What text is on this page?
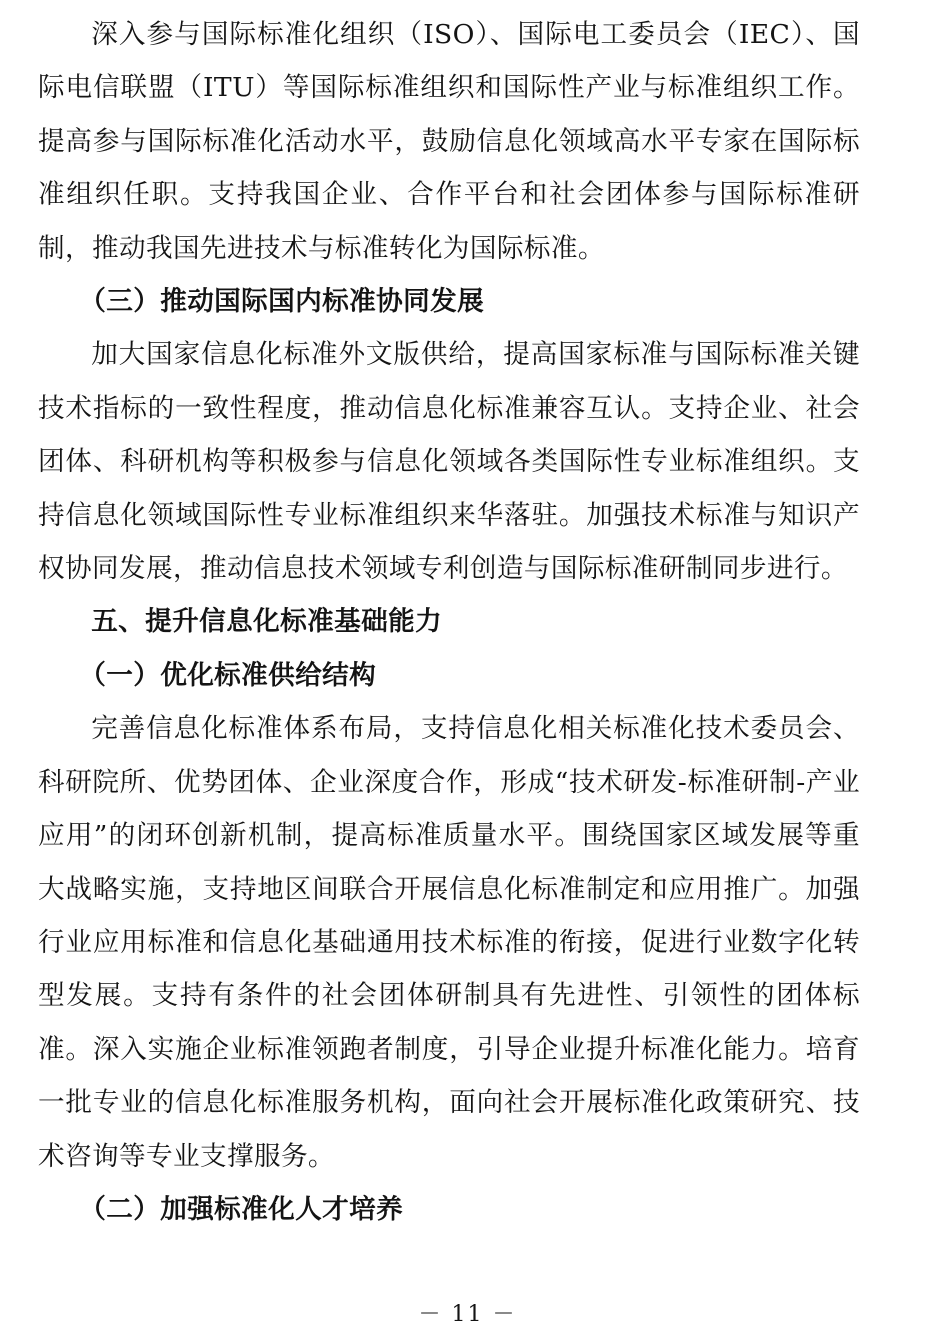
深入参与国际标准化组织（ISO）、国际电工委员会（IEC）、国际电信联盟（ITU）等国际标准组织和国际性产业与标准组织工作。提高参与国际标准化活动水平，鼓励信息化领域高水平专家在国际标准组织任职。支持我国企业、合作平台和社会团体参与国际标准研制，推动我国先进技术与标准转化为国际标准。

（三）推动国际国内标准协同发展

加大国家信息化标准外文版供给，提高国家标准与国际标准关键技术指标的一致性程度，推动信息化标准兼容互认。支持企业、社会团体、科研机构等积极参与信息化领域各类国际性专业标准组织。支持信息化领域国际性专业标准组织来华落驻。加强技术标准与知识产权协同发展，推动信息技术领域专利创造与国际标准研制同步进行。

五、提升信息化标准基础能力

（一）优化标准供给结构

完善信息化标准体系布局，支持信息化相关标准化技术委员会、科研院所、优势团体、企业深度合作，形成“技术研发-标准研制-产业应用”的闭环创新机制，提高标准质量水平。围绕国家区域发展等重大战略实施，支持地区间联合开展信息化标准制定和应用推广。加强行业应用标准和信息化基础通用技术标准的衔接，促进行业数字化转型发展。支持有条件的社会团体研制具有先进性、引领性的团体标准。深入实施企业标准领跑者制度，引导企业提升标准化能力。培育一批专业的信息化标准服务机构，面向社会开展标准化政策研究、技术咨询等专业支撑服务。

（二）加强标准化人才培养

－ 11 －
